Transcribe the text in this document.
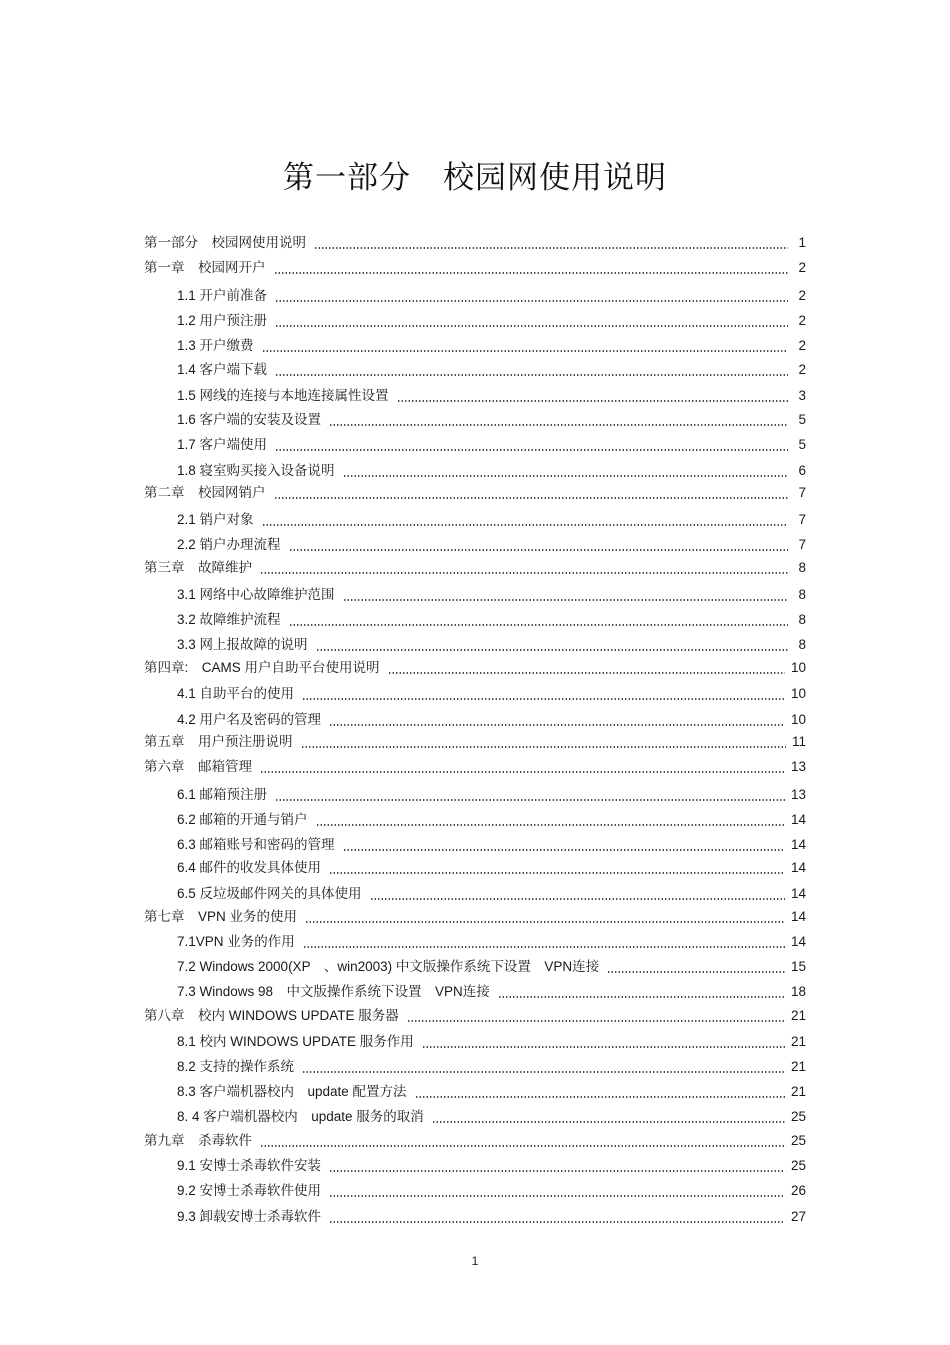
第一部分　校园网使用说明
第一部分　校园网使用说明	1
第一章　校园网开户	2
1.1 开户前准备	2
1.2 用户预注册	2
1.3 开户缴费	2
1.4 客户端下载	2
1.5 网线的连接与本地连接属性设置	3
1.6 客户端的安装及设置	5
1.7 客户端使用	5
1.8 寝室购买接入设备说明	6
第二章　校园网销户	7
2.1 销户对象	7
2.2 销户办理流程	7
第三章　故障维护	8
3.1 网络中心故障维护范围	8
3.2 故障维护流程	8
3.3 网上报故障的说明	8
第四章:　CAMS 用户自助平台使用说明	10
4.1 自助平台的使用	10
4.2 用户名及密码的管理	10
第五章　用户预注册说明	11
第六章　邮箱管理	13
6.1 邮箱预注册	13
6.2 邮箱的开通与销户	14
6.3 邮箱账号和密码的管理	14
6.4 邮件的收发具体使用	14
6.5 反垃圾邮件网关的具体使用	14
第七章　VPN 业务的使用	14
7.1VPN 业务的作用	14
7.2 Windows 2000(XP　、win2003) 中文版操作系统下设置　VPN连接	15
7.3 Windows 98　中文版操作系统下设置　VPN连接	18
第八章　校内 WINDOWS UPDATE 服务器	21
8.1 校内 WINDOWS UPDATE 服务作用	21
8.2 支持的操作系统	21
8.3 客户端机器校内　update 配置方法	21
8. 4 客户端机器校内　update 服务的取消	25
第九章　杀毒软件	25
9.1 安博士杀毒软件安装	25
9.2 安博士杀毒软件使用	26
9.3 卸载安博士杀毒软件	27
1
